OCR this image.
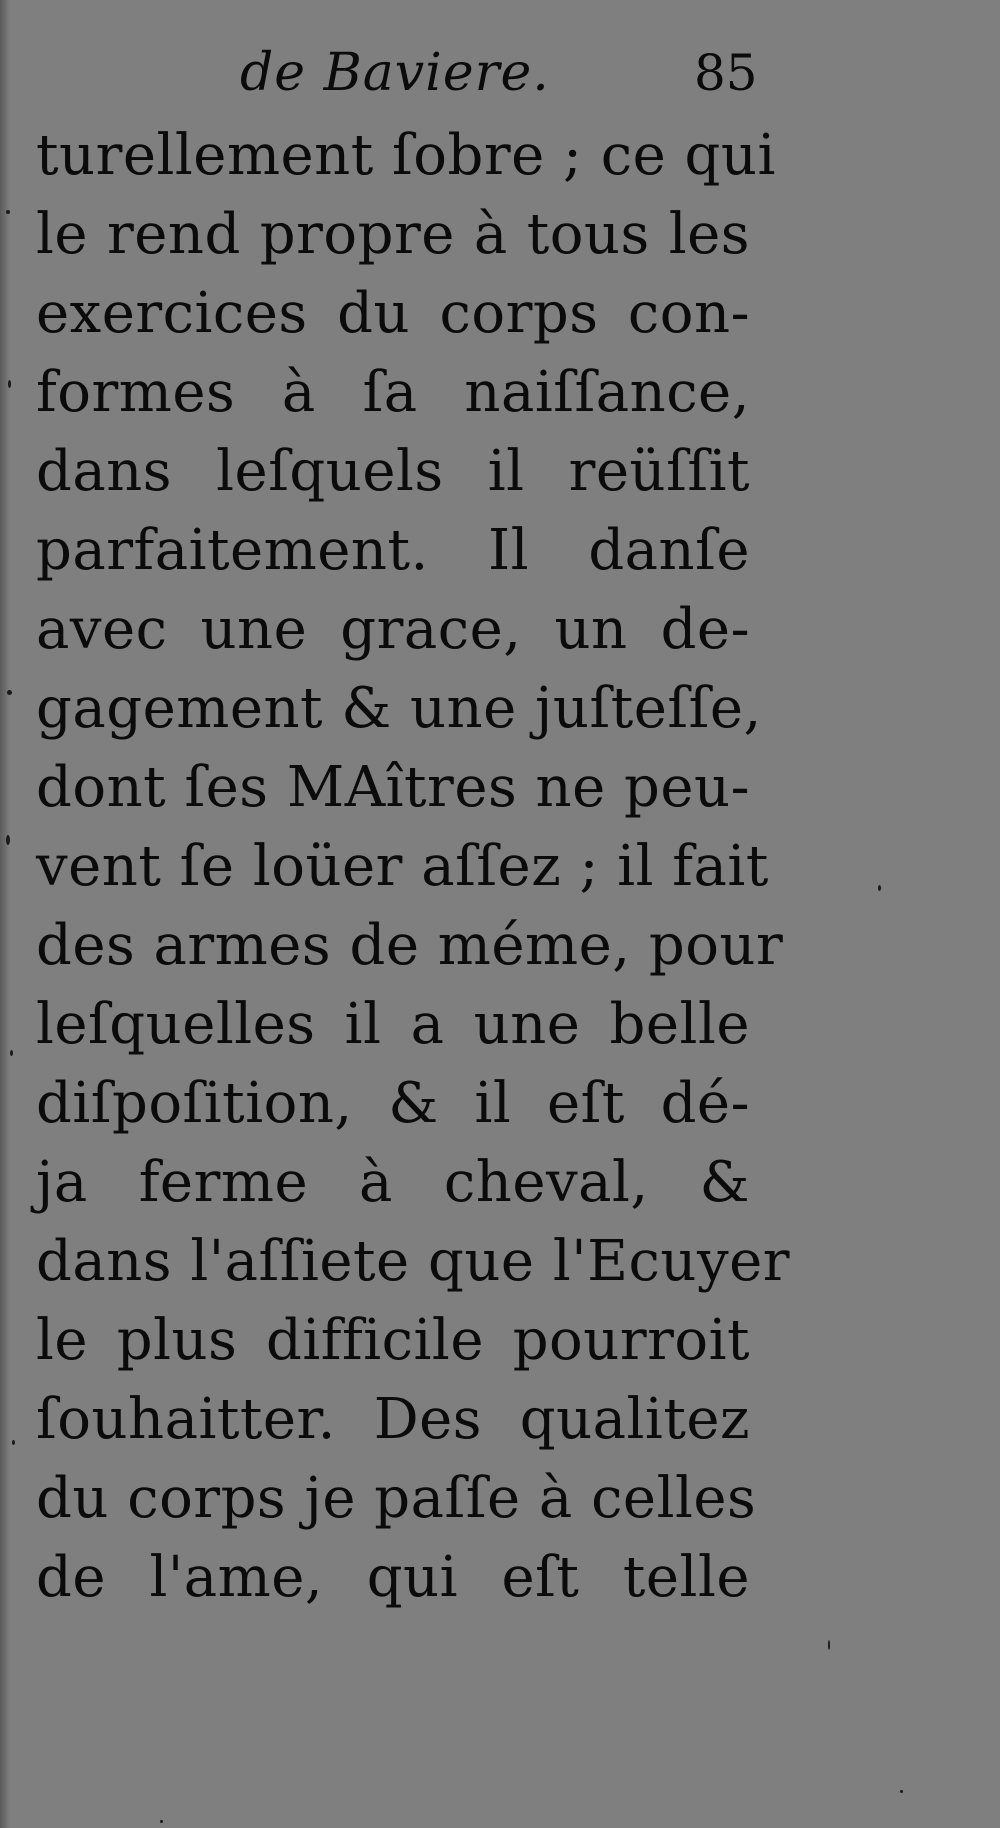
de Baviere.	85
turellement ſobre ; ce qui
le rend propre à tous les
exercices du corps con-
formes à ſa naiſſance,
dans leſquels il reüſſit
parfaitement. Il danſe
avec une grace, un de-
gagement & une juſteſſe,
dont ſes MAîtres ne peu-
vent ſe loüer aſſez ; il fait
des armes de méme, pour
leſquelles il a une belle
diſpoſition, & il eſt dé-
ja ferme à cheval, &
dans l'aſſiete que l'Ecuyer
le plus difficile pourroit
ſouhaitter. Des qualitez
du corps je paſſe à celles
de l'ame, qui eſt telle
